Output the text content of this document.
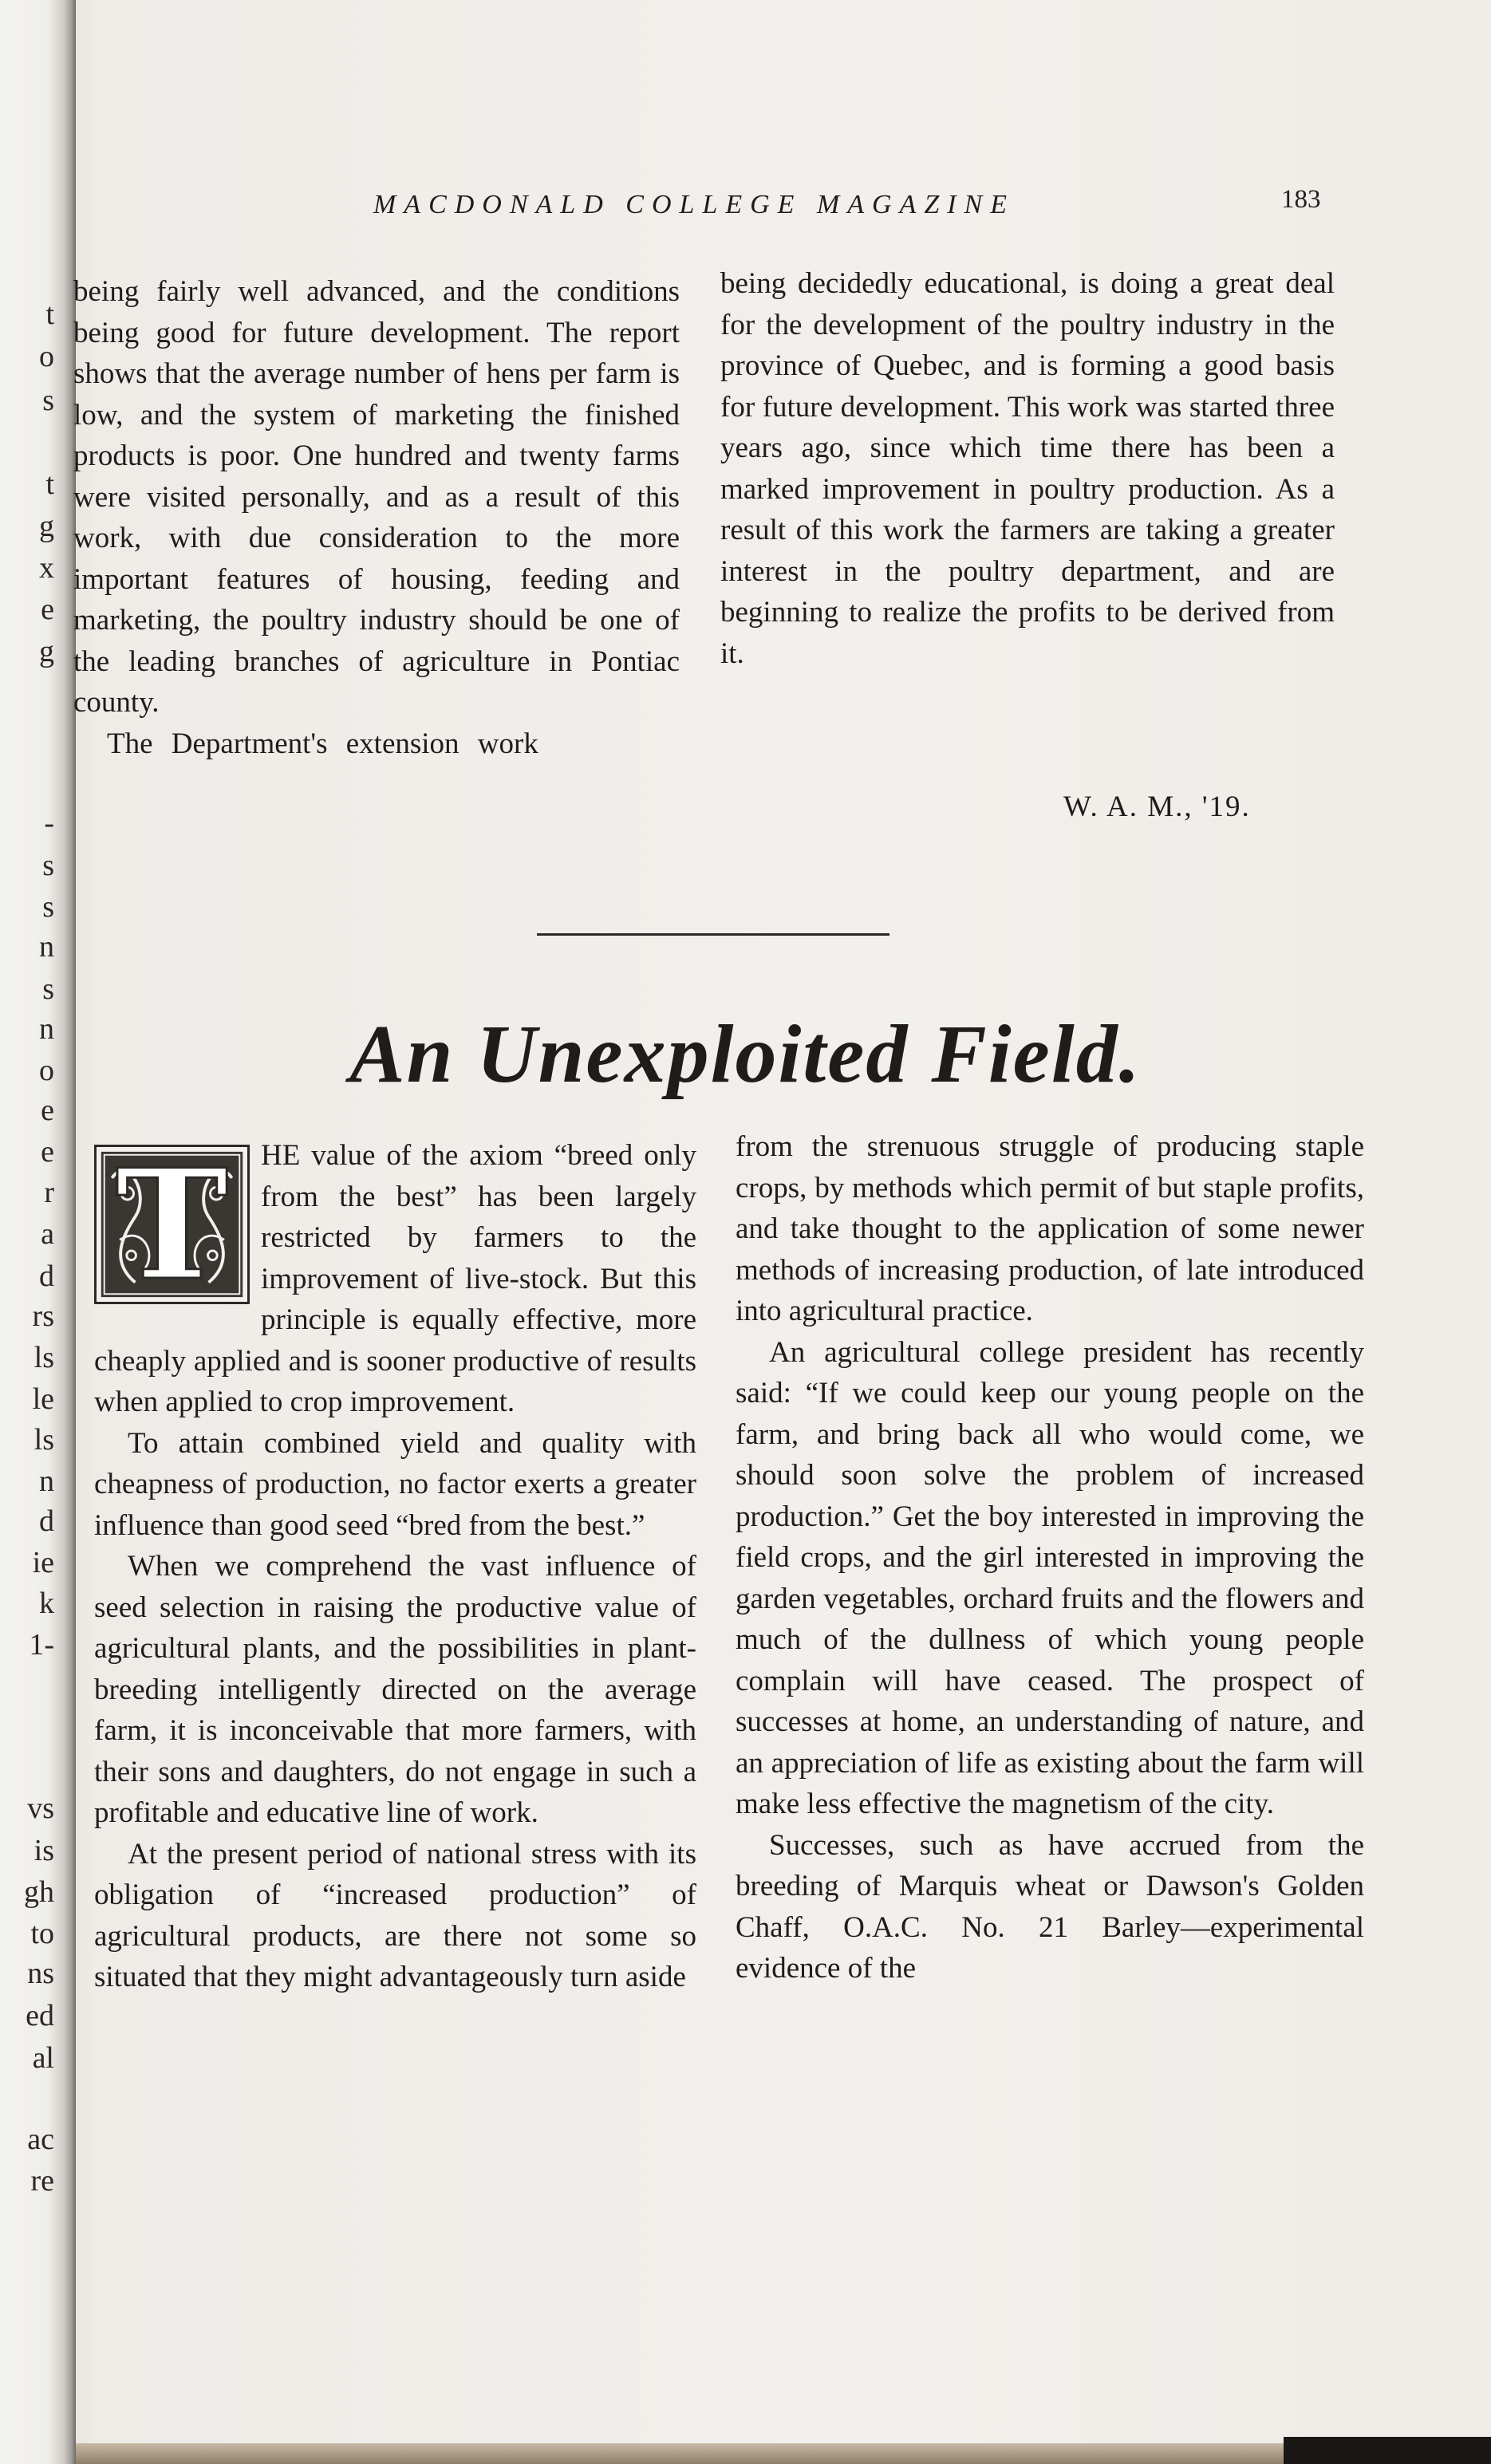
t
o
s
t
g
x
e
g
-
s
s
n
s
n
o
e
e
r
a
d
rs
ls
le
ls
n
d
ie
k
1-
vs
is
gh
to
ns
ed
al
ac
re
MACDONALD COLLEGE MAGAZINE	183

being fairly well advanced, and the conditions being good for future development. The report shows that the average number of hens per farm is low, and the system of marketing the finished products is poor. One hundred and twenty farms were visited personally, and as a result of this work, with due consideration to the more important features of housing, feeding and marketing, the poultry industry should be one of the leading branches of agriculture in Pontiac county.

The Department's extension work

being decidedly educational, is doing a great deal for the development of the poultry industry in the province of Quebec, and is forming a good basis for future development. This work was started three years ago, since which time there has been a marked improvement in poultry production. As a result of this work the farmers are taking a greater interest in the poultry department, and are beginning to realize the profits to be derived from it.

W. A. M., '19.
An Unexploited Field.
T	HE value of the axiom “breed only from the best” has been largely restricted by farmers to the improvement of live-stock. But this principle is equally effective, more cheaply applied and is sooner productive of results when applied to crop improvement.

To attain combined yield and quality with cheapness of production, no factor exerts a greater influence than good seed “bred from the best.”

When we comprehend the vast influence of seed selection in raising the productive value of agricultural plants, and the possibilities in plant-breeding intelligently directed on the average farm, it is inconceivable that more farmers, with their sons and daughters, do not engage in such a profitable and educative line of work.

At the present period of national stress with its obligation of “increased production” of agricultural products, are there not some so situated that they might advantageously turn aside

from the strenuous struggle of producing staple crops, by methods which permit of but staple profits, and take thought to the application of some newer methods of increasing production, of late introduced into agricultural practice.

An agricultural college president has recently said: “If we could keep our young people on the farm, and bring back all who would come, we should soon solve the problem of increased production.” Get the boy interested in improving the field crops, and the girl interested in improving the garden vegetables, orchard fruits and the flowers and much of the dullness of which young people complain will have ceased. The prospect of successes at home, an understanding of nature, and an appreciation of life as existing about the farm will make less effective the magnetism of the city.

Successes, such as have accrued from the breeding of Marquis wheat or Dawson's Golden Chaff, O.A.C. No. 21 Barley—experimental evidence of the
